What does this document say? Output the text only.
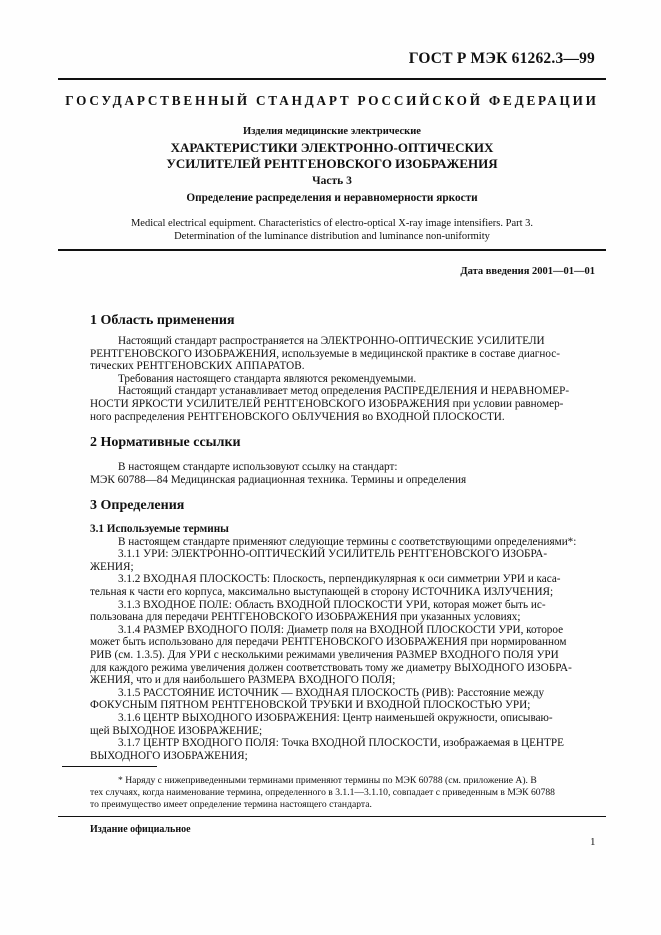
ГОСТ Р МЭК 61262.3—99
ГОСУДАРСТВЕННЫЙ СТАНДАРТ РОССИЙСКОЙ ФЕДЕРАЦИИ
Изделия медицинские электрические
ХАРАКТЕРИСТИКИ ЭЛЕКТРОННО-ОПТИЧЕСКИХ
УСИЛИТЕЛЕЙ РЕНТГЕНОВСКОГО ИЗОБРАЖЕНИЯ
Часть 3
Определение распределения и неравномерности яркости
Medical electrical equipment. Characteristics of electro-optical X-ray image intensifiers. Part 3.
Determination of the luminance distribution and luminance non-uniformity
Дата введения 2001—01—01
1 Область применения
Настоящий стандарт распространяется на ЭЛЕКТРОННО-ОПТИЧЕСКИЕ УСИЛИТЕЛИ
РЕНТГЕНОВСКОГО ИЗОБРАЖЕНИЯ, используемые в медицинской практике в составе диагнос-
тических РЕНТГЕНОВСКИХ АППАРАТОВ.
Требования настоящего стандарта являются рекомендуемыми.
Настоящий стандарт устанавливает метод определения РАСПРЕДЕЛЕНИЯ И НЕРАВНОМЕР-
НОСТИ ЯРКОСТИ УСИЛИТЕЛЕЙ РЕНТГЕНОВСКОГО ИЗОБРАЖЕНИЯ при условии равномер-
ного распределения РЕНТГЕНОВСКОГО ОБЛУЧЕНИЯ во ВХОДНОЙ ПЛОСКОСТИ.
2 Нормативные ссылки
В настоящем стандарте использовуют ссылку на стандарт:
МЭК 60788—84 Медицинская радиационная техника. Термины и определения
3 Определения
3.1 Используемые термины
В настоящем стандарте применяют следующие термины с соответствующими определениями*:
3.1.1 УРИ: ЭЛЕКТРОННО-ОПТИЧЕСКИЙ УСИЛИТЕЛЬ РЕНТГЕНОВСКОГО ИЗОБРА-
ЖЕНИЯ;
3.1.2 ВХОДНАЯ ПЛОСКОСТЬ: Плоскость, перпендикулярная к оси симметрии УРИ и каса-
тельная к части его корпуса, максимально выступающей в сторону ИСТОЧНИКА ИЗЛУЧЕНИЯ;
3.1.3 ВХОДНОЕ ПОЛЕ: Область ВХОДНОЙ ПЛОСКОСТИ УРИ, которая может быть ис-
пользована для передачи РЕНТГЕНОВСКОГО ИЗОБРАЖЕНИЯ при указанных условиях;
3.1.4 РАЗМЕР ВХОДНОГО ПОЛЯ: Диаметр поля на ВХОДНОЙ ПЛОСКОСТИ УРИ, которое
может быть использовано для передачи РЕНТГЕНОВСКОГО ИЗОБРАЖЕНИЯ при нормированном
РИВ (см. 1.3.5). Для УРИ с несколькими режимами увеличения РАЗМЕР ВХОДНОГО ПОЛЯ УРИ
для каждого режима увеличения должен соответствовать тому же диаметру ВЫХОДНОГО ИЗОБРА-
ЖЕНИЯ, что и для наибольшего РАЗМЕРА ВХОДНОГО ПОЛЯ;
3.1.5 РАССТОЯНИЕ ИСТОЧНИК — ВХОДНАЯ ПЛОСКОСТЬ (РИВ): Расстояние между
ФОКУСНЫМ ПЯТНОМ РЕНТГЕНОВСКОЙ ТРУБКИ И ВХОДНОЙ ПЛОСКОСТЬЮ УРИ;
3.1.6 ЦЕНТР ВЫХОДНОГО ИЗОБРАЖЕНИЯ: Центр наименьшей окружности, описываю-
щей ВЫХОДНОЕ ИЗОБРАЖЕНИЕ;
3.1.7 ЦЕНТР ВХОДНОГО ПОЛЯ: Точка ВХОДНОЙ ПЛОСКОСТИ, изображаемая в ЦЕНТРЕ
ВЫХОДНОГО ИЗОБРАЖЕНИЯ;
* Наряду с нижеприведенными терминами применяют термины по МЭК 60788 (см. приложение А). В
тех случаях, когда наименование термина, определенного в 3.1.1—3.1.10, совпадает с приведенным в МЭК 60788
то преимущество имеет определение термина настоящего стандарта.
Издание официальное
1
